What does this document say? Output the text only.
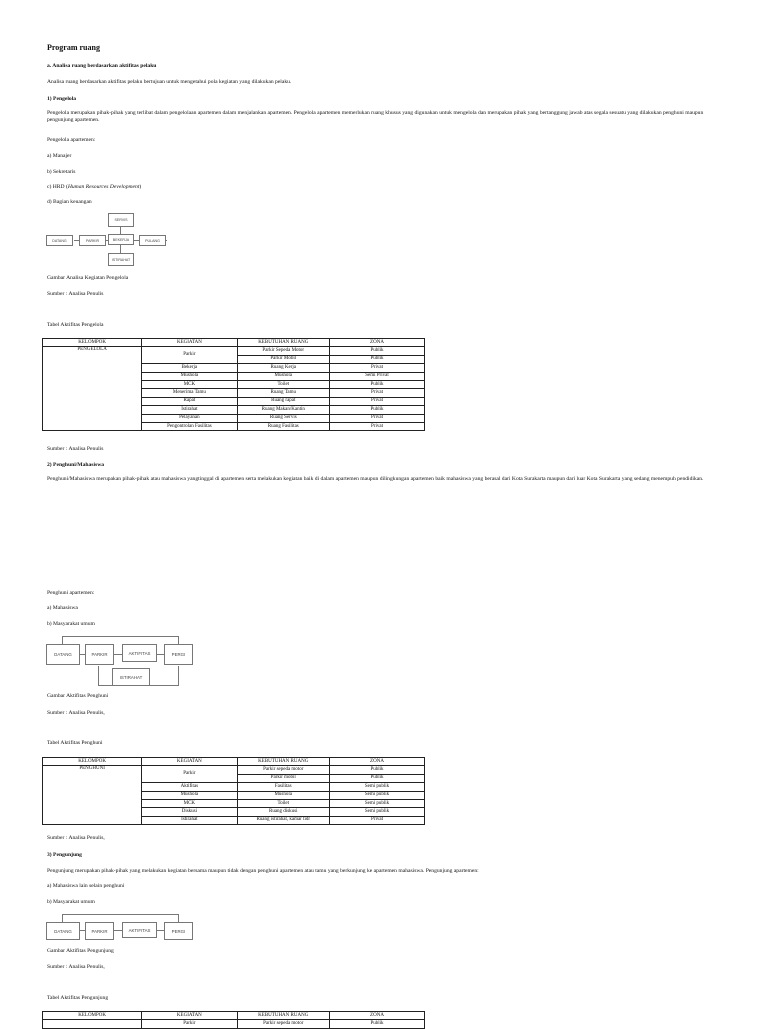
Program ruang
a. Analisa ruang berdasarkan aktifitas pelaku
Analisa ruang berdasarkan aktifitas pelaku bertujuan untuk mengetahui pola kegiatan yang dilakukan pelaku.
1) Pengelola
Pengelola merupakan pihak-pihak yang terlibat dalam pengelolaan apartemen dalam menjalankan apartemen. Pengelola apartemen memerlukan ruang khusus yang digunakan untuk mengelola dan merupakan pihak yang bertanggung jawab atas segala sesuatu yang dilakukan penghuni maupun pengunjung apartemen.
Pengelola apartemen:
a) Manajer
b) Sekretaris
c) HRD (Human Resources Development)
d) Bagian keuangan
DATANG	PARKIR
SERVIS
BEKERJA	PULANG
ISTIRAHAT
Gambar Analisa Kegiatan Pengelola
Sumber : Analisa Penulis
Tabel Aktifitas Pengelola
KELOMPOK	KEGIATAN	KEBUTUHAN RUANG	ZONA
PENGELOLA	Parkir	Parkir Sepeda Motor	Publik
		Parkir Mobil	Publik
	Bekerja	Ruang Kerja	Privat
	Mushola	Mushola	Semi Privat
	MCK	Toilet	Publik
	Menerima Tamu	Ruang Tamu	Privat
	Rapat	Ruang rapat	Privat
	Istirahat	Ruang Makan/Kantin	Publik
	Pelayanan	Ruang Servis	Privat
	Pengontrolan Fasilitas	Ruang Fasilitas	Privat
Sumber : Analisa Penulis
2) Penghuni/Mahasiswa
Penghuni/Mahasiswa merupakan pihak-pihak atau mahasiswa yangtinggal di apartemen serta melakukan kegiatan baik di dalam apartemen maupun dilingkungan apartemen baik mahasiswa yang berasal dari Kota Surakarta maupun dari luar Kota Surakarta yang sedang menempuh pendidikan.
Penghuni apartemen:
a) Mahasiswa
b) Masyarakat umum
DATANG	PARKIR	AKTIFITAS	PERGI
ISTIRAHAT
Gambar Aktifitas Penghuni
Sumber : Analisa Penulis,
Tabel Aktifitas Penghuni
KELOMPOK	KEGIATAN	KEBUTUHAN RUANG	ZONA
PENGHUNI	Parkir	Parkir sepeda motor	Publik
		Parkir mobil	Publik
	Aktifitas	Fasilitas	Semi publik
	Mushola	Mushola	Semi publik
	MCK	Toilet	Semi publik
	Diskusi	Ruang diskusi	Semi publik
	Istirahat	Ruang istirahat, kamar tidr	Privat
Sumber : Analisa Penulis,
3) Pengunjung
Pengunjung merupakan pihak-pihak yang melakukan kegiatan bersama maupun tidak dengan penghuni apartemen atau tamu yang berkunjung ke apartemen mahasiswa. Pengunjung apartemen:
a) Mahasiswa lain selain penghuni
b) Masyarakat umum
DATANG	PARKIR	AKTIFITAS	PERGI
Gambar Aktifitas Pengunjung
Sumber : Analisa Penulis,
Tabel Aktifitas Pengunjung
KELOMPOK	KEGIATAN	KEBUTUHAN RUANG	ZONA
	Parkir	Parkir sepeda motor	Publik
